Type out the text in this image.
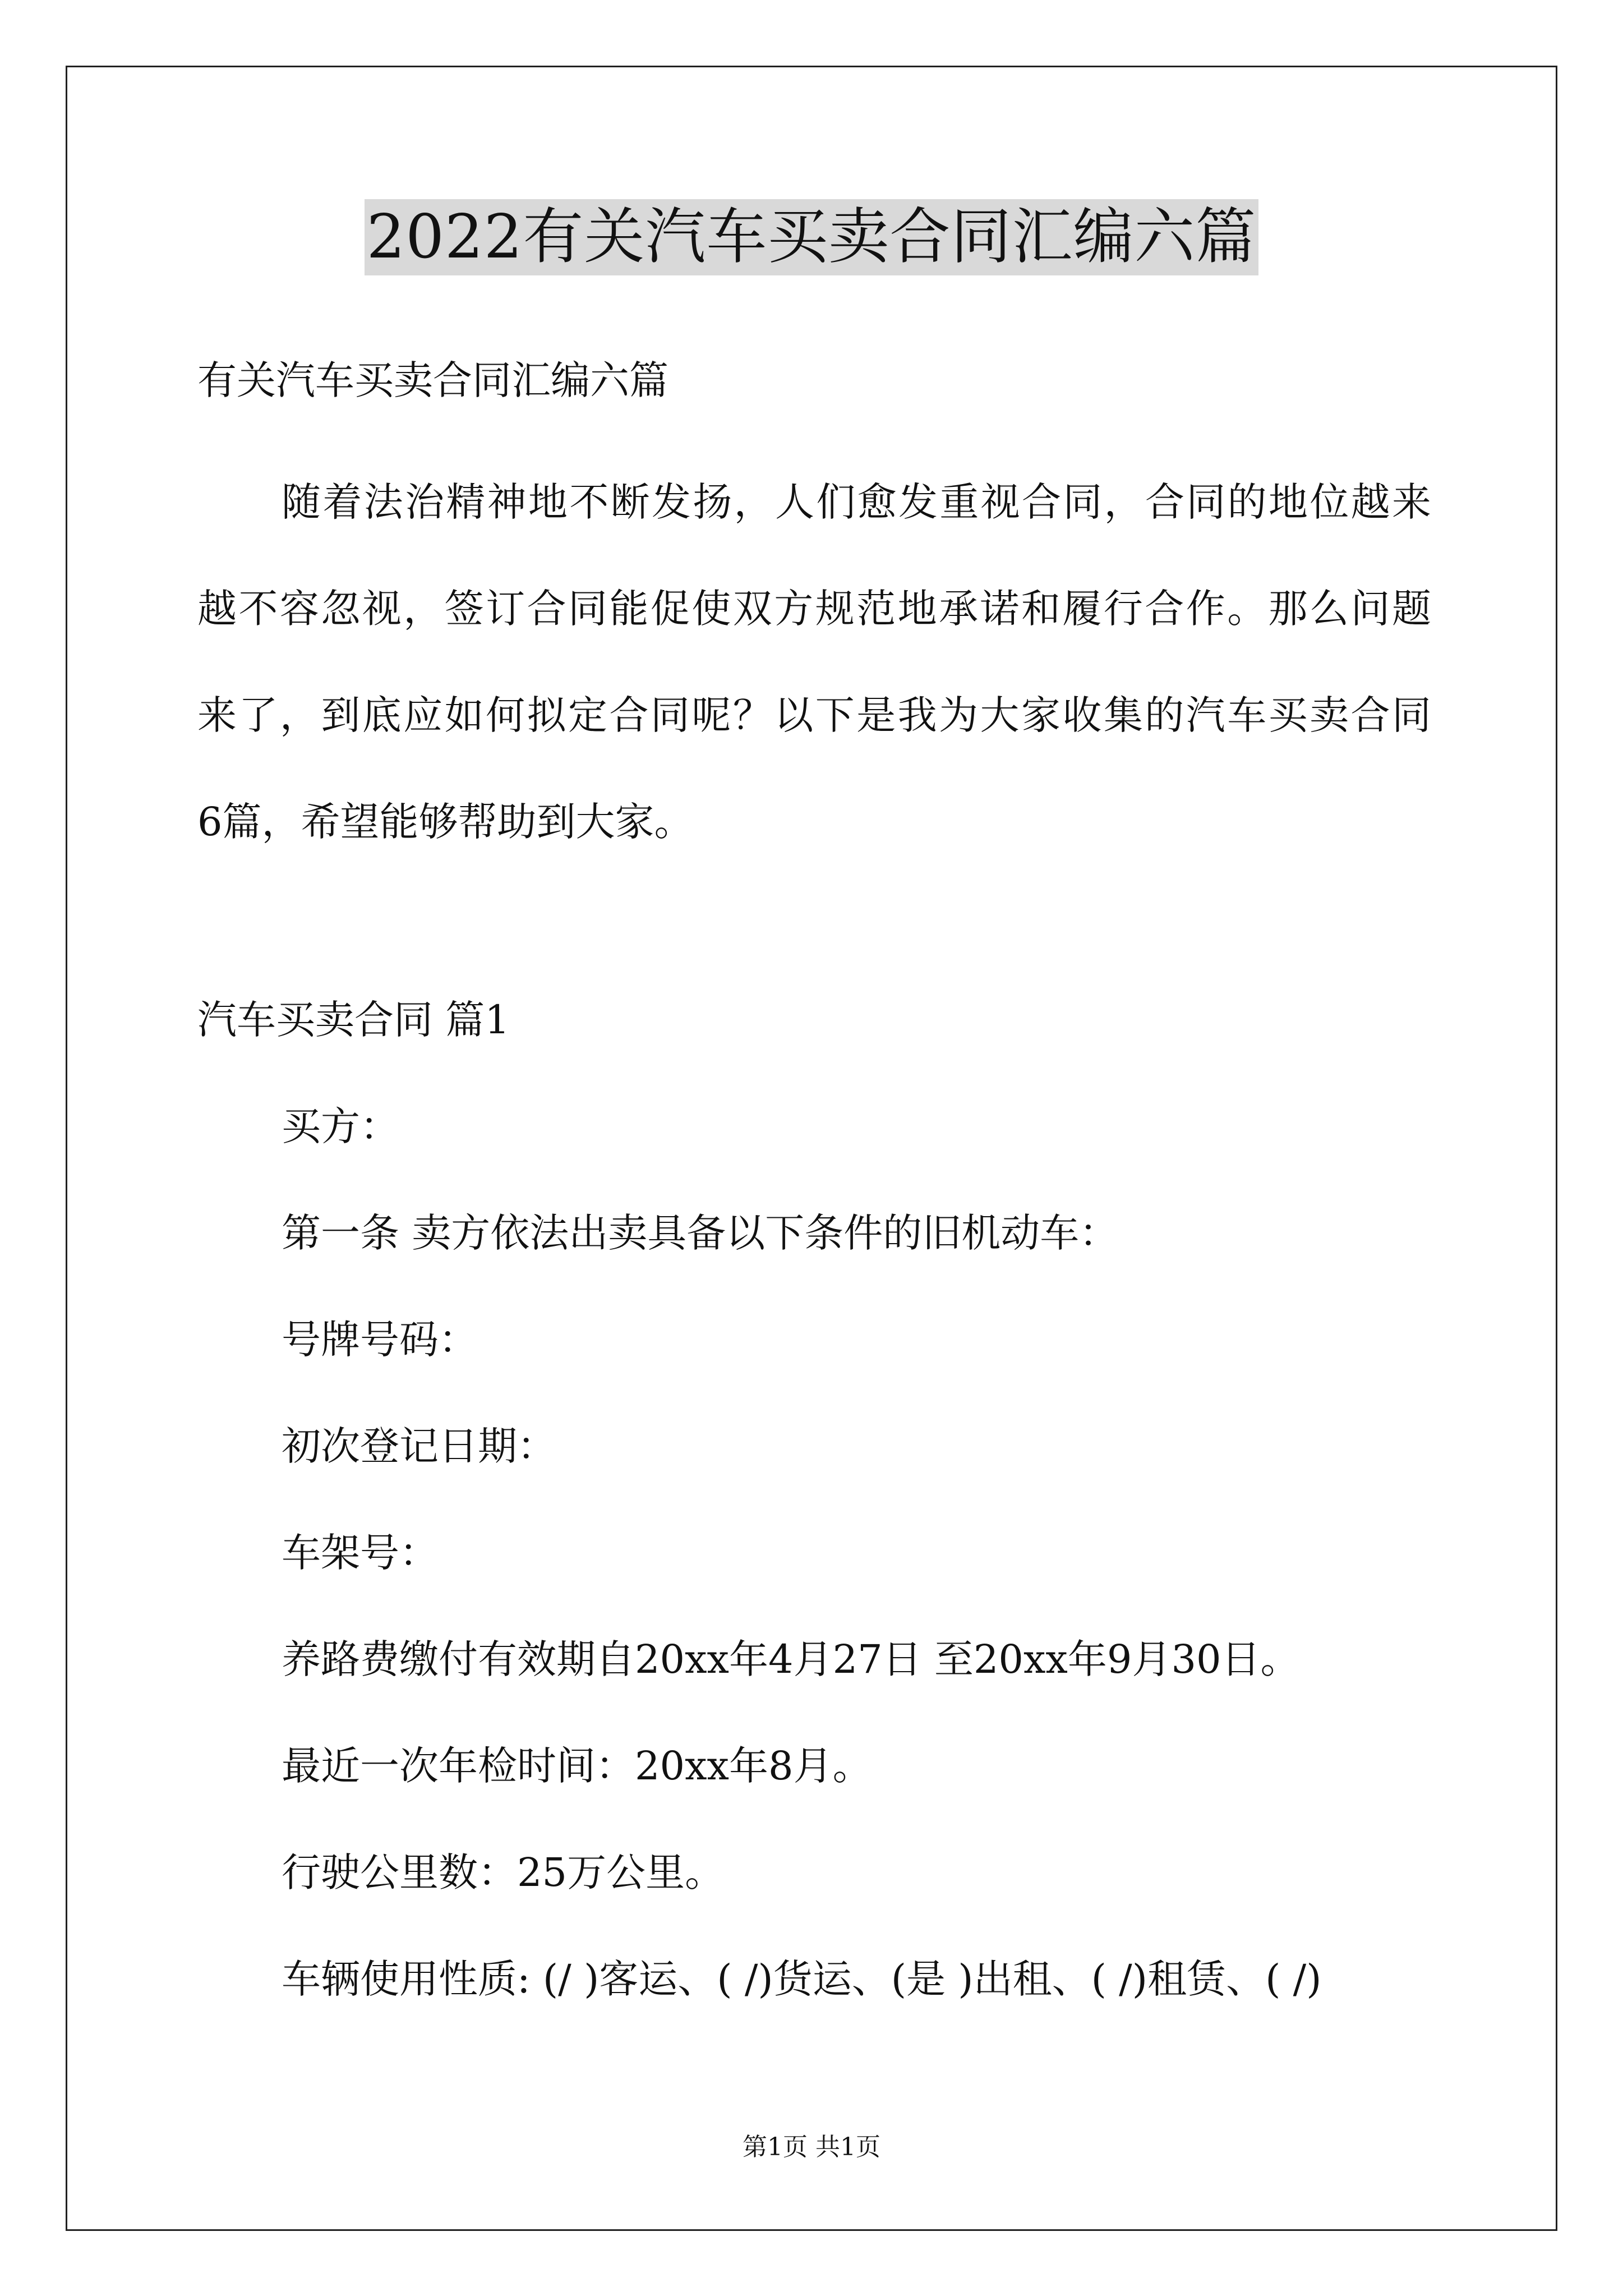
2022有关汽车买卖合同汇编六篇
有关汽车买卖合同汇编六篇
随着法治精神地不断发扬，人们愈发重视合同，合同的地位越来
越不容忽视，签订合同能促使双方规范地承诺和履行合作。那么问题
来了，到底应如何拟定合同呢？以下是我为大家收集的汽车买卖合同
6篇，希望能够帮助到大家。
汽车买卖合同 篇1
买方：
第一条 卖方依法出卖具备以下条件的旧机动车：
号牌号码：
初次登记日期：
车架号：
养路费缴付有效期自20xx年4月27日 至20xx年9月30日。
最近一次年检时间：20xx年8月。
行驶公里数：25万公里。
车辆使用性质: (/ )客运、( /)货运、(是 )出租、( /)租赁、( /)
第1页 共1页
